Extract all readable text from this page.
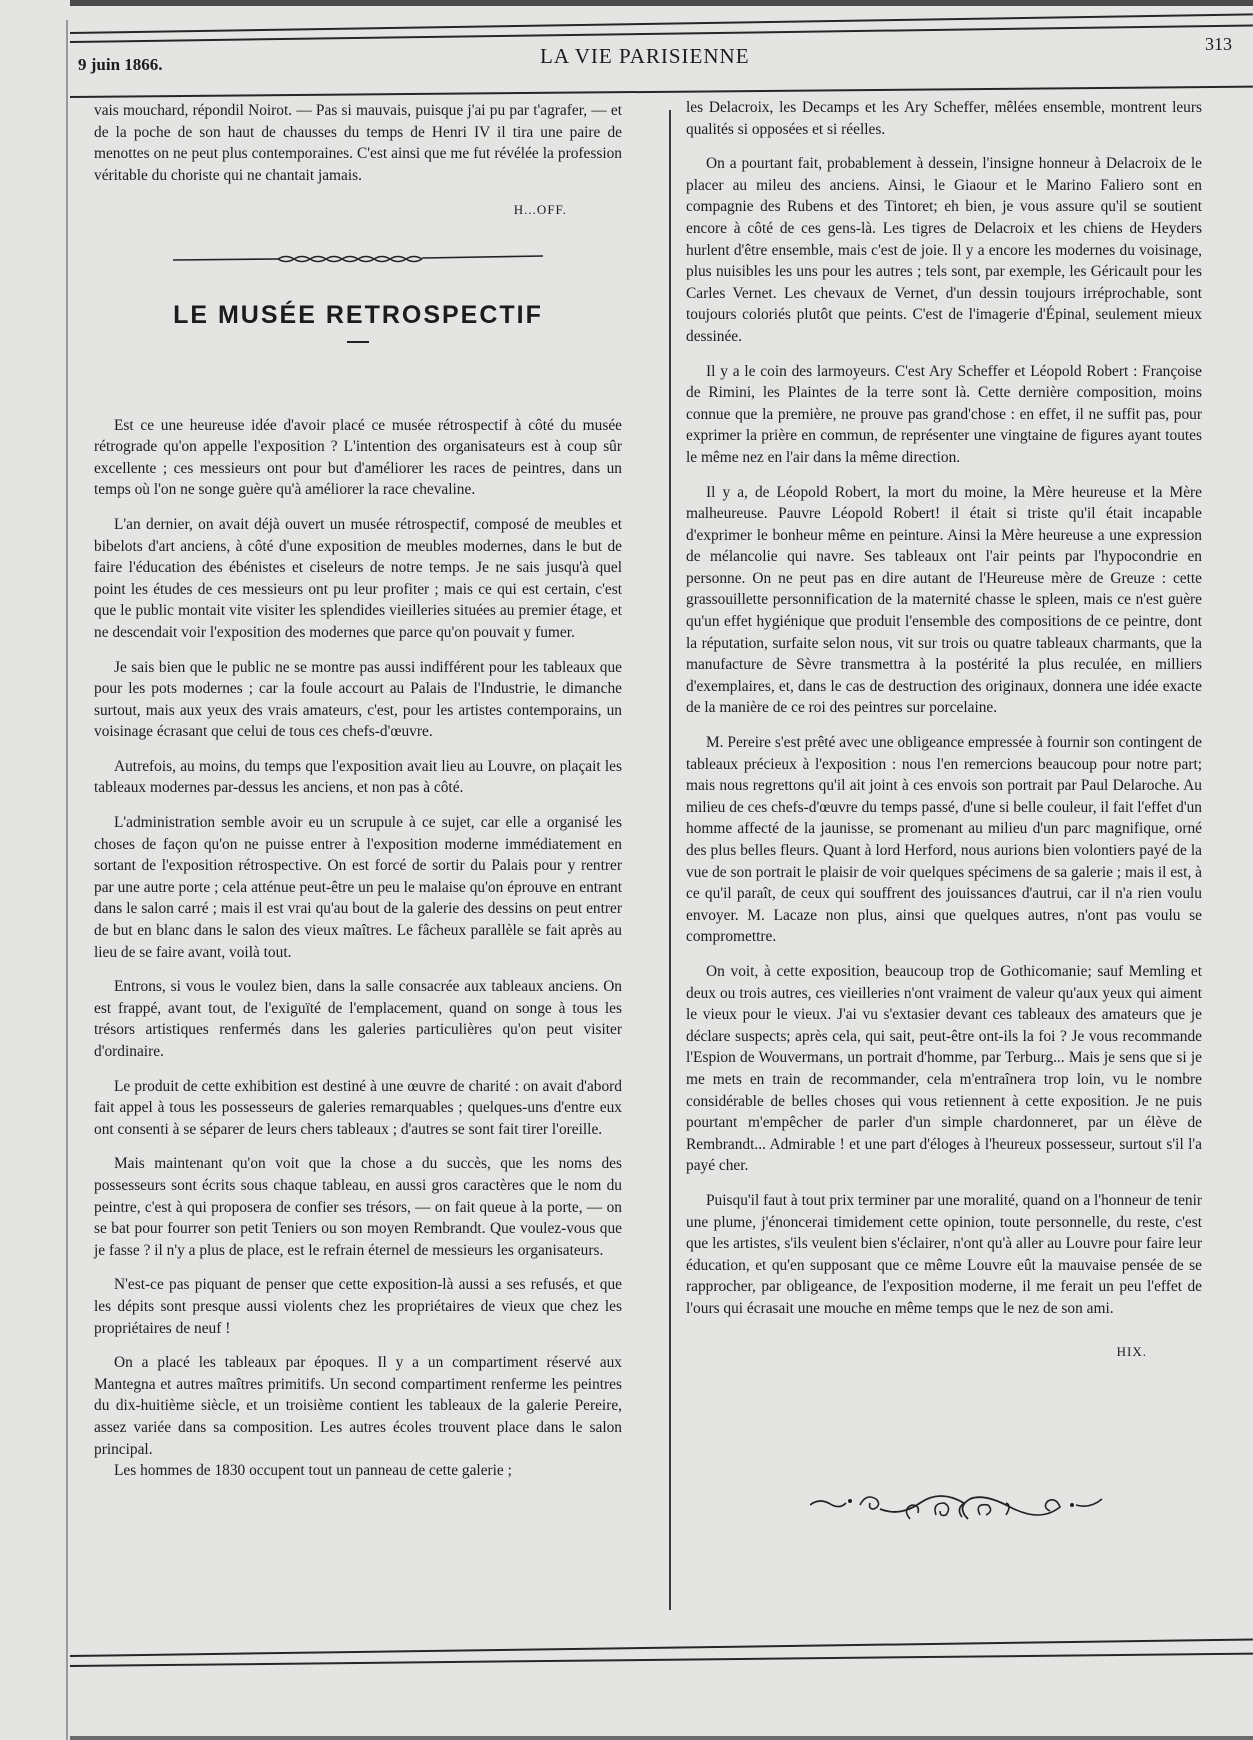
9 juin 1866.	LA VIE PARISIENNE	313

vais mouchard, répondil Noirot. — Pas si mauvais, puisque j'ai pu par t'agrafer, — et de la poche de son haut de chausses du temps de Henri IV il tira une paire de menottes on ne peut plus contemporaines. C'est ainsi que me fut révélée la profession véritable du choriste qui ne chantait jamais.

H...OFF.
LE MUSÉE RETROSPECTIF

Est ce une heureuse idée d'avoir placé ce musée rétrospectif à côté du musée rétrograde qu'on appelle l'exposition ? L'intention des organisateurs est à coup sûr excellente ; ces messieurs ont pour but d'améliorer les races de peintres, dans un temps où l'on ne songe guère qu'à améliorer la race chevaline.

L'an dernier, on avait déjà ouvert un musée rétrospectif, composé de meubles et bibelots d'art anciens, à côté d'une exposition de meubles modernes, dans le but de faire l'éducation des ébénistes et ciseleurs de notre temps. Je ne sais jusqu'à quel point les études de ces messieurs ont pu leur profiter ; mais ce qui est certain, c'est que le public montait vite visiter les splendides vieilleries situées au premier étage, et ne descendait voir l'exposition des modernes que parce qu'on pouvait y fumer.

Je sais bien que le public ne se montre pas aussi indifférent pour les tableaux que pour les pots modernes ; car la foule accourt au Palais de l'Industrie, le dimanche surtout, mais aux yeux des vrais amateurs, c'est, pour les artistes contemporains, un voisinage écrasant que celui de tous ces chefs-d'œuvre.

Autrefois, au moins, du temps que l'exposition avait lieu au Louvre, on plaçait les tableaux modernes par-dessus les anciens, et non pas à côté.

L'administration semble avoir eu un scrupule à ce sujet, car elle a organisé les choses de façon qu'on ne puisse entrer à l'exposition moderne immédiatement en sortant de l'exposition rétrospective. On est forcé de sortir du Palais pour y rentrer par une autre porte ; cela atténue peut-être un peu le malaise qu'on éprouve en entrant dans le salon carré ; mais il est vrai qu'au bout de la galerie des dessins on peut entrer de but en blanc dans le salon des vieux maîtres. Le fâcheux parallèle se fait après au lieu de se faire avant, voilà tout.

Entrons, si vous le voulez bien, dans la salle consacrée aux tableaux anciens. On est frappé, avant tout, de l'exiguïté de l'emplacement, quand on songe à tous les trésors artistiques renfermés dans les galeries particulières qu'on peut visiter d'ordinaire.

Le produit de cette exhibition est destiné à une œuvre de charité : on avait d'abord fait appel à tous les possesseurs de galeries remarquables ; quelques-uns d'entre eux ont consenti à se séparer de leurs chers tableaux ; d'autres se sont fait tirer l'oreille.

Mais maintenant qu'on voit que la chose a du succès, que les noms des possesseurs sont écrits sous chaque tableau, en aussi gros caractères que le nom du peintre, c'est à qui proposera de confier ses trésors, — on fait queue à la porte, — on se bat pour fourrer son petit Teniers ou son moyen Rembrandt. Que voulez-vous que je fasse ? il n'y a plus de place, est le refrain éternel de messieurs les organisateurs.

N'est-ce pas piquant de penser que cette exposition-là aussi a ses refusés, et que les dépits sont presque aussi violents chez les propriétaires de vieux que chez les propriétaires de neuf !

On a placé les tableaux par époques. Il y a un compartiment réservé aux Mantegna et autres maîtres primitifs. Un second compartiment renferme les peintres du dix-huitième siècle, et un troisième contient les tableaux de la galerie Pereire, assez variée dans sa composition. Les autres écoles trouvent place dans le salon principal.

Les hommes de 1830 occupent tout un panneau de cette galerie ;

les Delacroix, les Decamps et les Ary Scheffer, mêlées ensemble, montrent leurs qualités si opposées et si réelles.

On a pourtant fait, probablement à dessein, l'insigne honneur à Delacroix de le placer au mileu des anciens. Ainsi, le Giaour et le Marino Faliero sont en compagnie des Rubens et des Tintoret; eh bien, je vous assure qu'il se soutient encore à côté de ces gens-là. Les tigres de Delacroix et les chiens de Heyders hurlent d'être ensemble, mais c'est de joie. Il y a encore les modernes du voisinage, plus nuisibles les uns pour les autres ; tels sont, par exemple, les Géricault pour les Carles Vernet. Les chevaux de Vernet, d'un dessin toujours irréprochable, sont toujours coloriés plutôt que peints. C'est de l'imagerie d'Épinal, seulement mieux dessinée.

Il y a le coin des larmoyeurs. C'est Ary Scheffer et Léopold Robert : Françoise de Rimini, les Plaintes de la terre sont là. Cette dernière composition, moins connue que la première, ne prouve pas grand'chose : en effet, il ne suffit pas, pour exprimer la prière en commun, de représenter une vingtaine de figures ayant toutes le même nez en l'air dans la même direction.

Il y a, de Léopold Robert, la mort du moine, la Mère heureuse et la Mère malheureuse. Pauvre Léopold Robert! il était si triste qu'il était incapable d'exprimer le bonheur même en peinture. Ainsi la Mère heureuse a une expression de mélancolie qui navre. Ses tableaux ont l'air peints par l'hypocondrie en personne. On ne peut pas en dire autant de l'Heureuse mère de Greuze : cette grassouillette personnification de la maternité chasse le spleen, mais ce n'est guère qu'un effet hygiénique que produit l'ensemble des compositions de ce peintre, dont la réputation, surfaite selon nous, vit sur trois ou quatre tableaux charmants, que la manufacture de Sèvre transmettra à la postérité la plus reculée, en milliers d'exemplaires, et, dans le cas de destruction des originaux, donnera une idée exacte de la manière de ce roi des peintres sur porcelaine.

M. Pereire s'est prêté avec une obligeance empressée à fournir son contingent de tableaux précieux à l'exposition : nous l'en remercions beaucoup pour notre part; mais nous regrettons qu'il ait joint à ces envois son portrait par Paul Delaroche. Au milieu de ces chefs-d'œuvre du temps passé, d'une si belle couleur, il fait l'effet d'un homme affecté de la jaunisse, se promenant au milieu d'un parc magnifique, orné des plus belles fleurs. Quant à lord Herford, nous aurions bien volontiers payé de la vue de son portrait le plaisir de voir quelques spécimens de sa galerie ; mais il est, à ce qu'il paraît, de ceux qui souffrent des jouissances d'autrui, car il n'a rien voulu envoyer. M. Lacaze non plus, ainsi que quelques autres, n'ont pas voulu se compromettre.

On voit, à cette exposition, beaucoup trop de Gothicomanie; sauf Memling et deux ou trois autres, ces vieilleries n'ont vraiment de valeur qu'aux yeux qui aiment le vieux pour le vieux. J'ai vu s'extasier devant ces tableaux des amateurs que je déclare suspects; après cela, qui sait, peut-être ont-ils la foi ? Je vous recommande l'Espion de Wouvermans, un portrait d'homme, par Terburg... Mais je sens que si je me mets en train de recommander, cela m'entraînera trop loin, vu le nombre considérable de belles choses qui vous retiennent à cette exposition. Je ne puis pourtant m'empêcher de parler d'un simple chardonneret, par un élève de Rembrandt... Admirable ! et une part d'éloges à l'heureux possesseur, surtout s'il l'a payé cher.

Puisqu'il faut à tout prix terminer par une moralité, quand on a l'honneur de tenir une plume, j'énoncerai timidement cette opinion, toute personnelle, du reste, c'est que les artistes, s'ils veulent bien s'éclairer, n'ont qu'à aller au Louvre pour faire leur éducation, et qu'en supposant que ce même Louvre eût la mauvaise pensée de se rapprocher, par obligeance, de l'exposition moderne, il me ferait un peu l'effet de l'ours qui écrasait une mouche en même temps que le nez de son ami.

HIX.
